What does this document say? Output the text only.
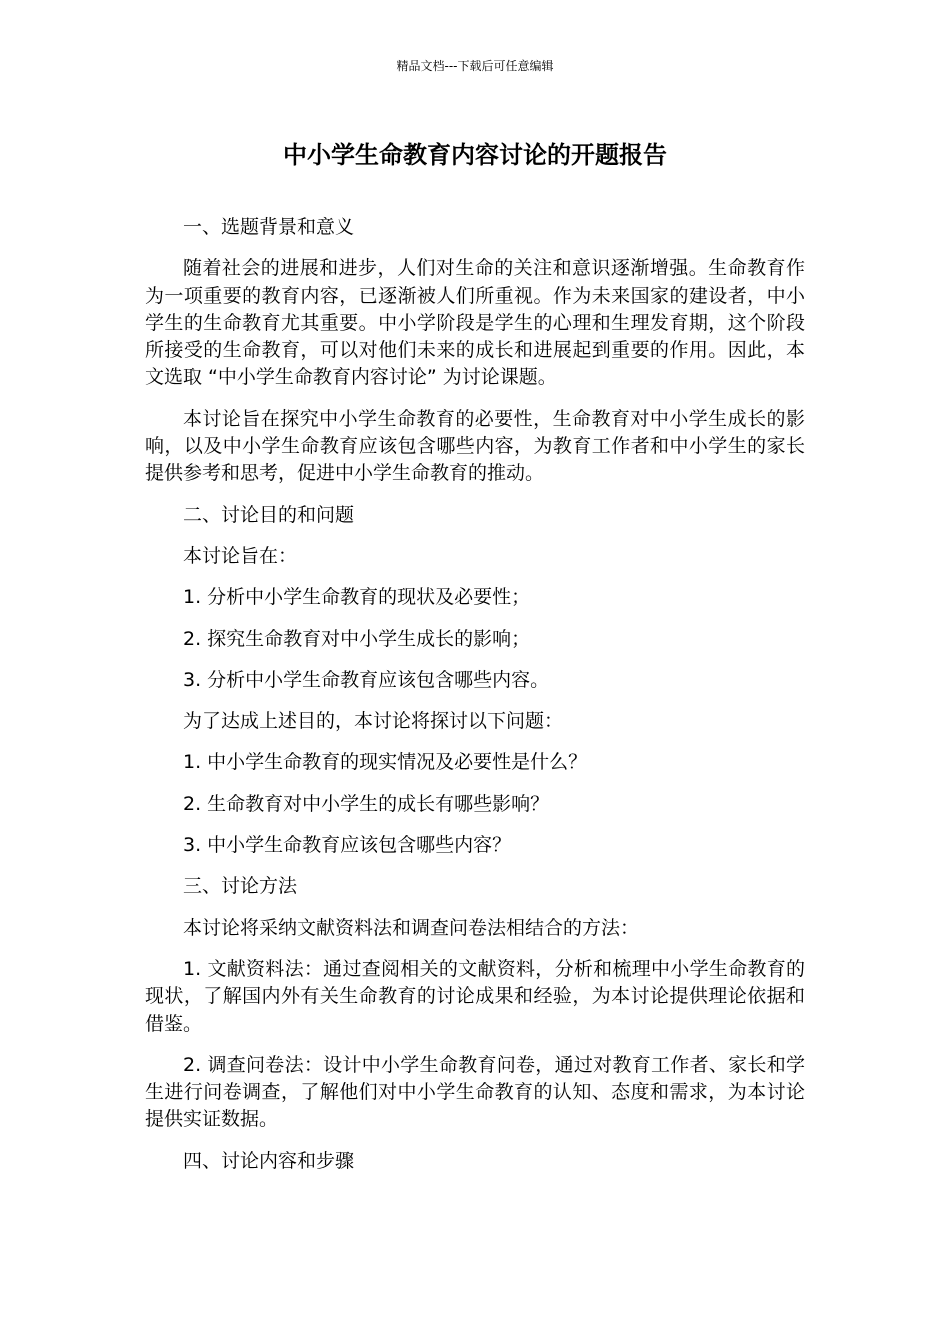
精品文档---下载后可任意编辑
中小学生命教育内容讨论的开题报告

一、选题背景和意义

随着社会的进展和进步，人们对生命的关注和意识逐渐增强。生命教育作为一项重要的教育内容，已逐渐被人们所重视。作为未来国家的建设者，中小学生的生命教育尤其重要。中小学阶段是学生的心理和生理发育期，这个阶段所接受的生命教育，可以对他们未来的成长和进展起到重要的作用。因此，本文选取 “中小学生命教育内容讨论” 为讨论课题。

本讨论旨在探究中小学生命教育的必要性，生命教育对中小学生成长的影响，以及中小学生命教育应该包含哪些内容，为教育工作者和中小学生的家长提供参考和思考，促进中小学生命教育的推动。

二、讨论目的和问题

本讨论旨在：

1. 分析中小学生命教育的现状及必要性；

2. 探究生命教育对中小学生成长的影响；

3. 分析中小学生命教育应该包含哪些内容。

为了达成上述目的，本讨论将探讨以下问题：

1. 中小学生命教育的现实情况及必要性是什么？

2. 生命教育对中小学生的成长有哪些影响？

3. 中小学生命教育应该包含哪些内容？

三、讨论方法

本讨论将采纳文献资料法和调查问卷法相结合的方法：

1. 文献资料法：通过查阅相关的文献资料，分析和梳理中小学生命教育的现状，了解国内外有关生命教育的讨论成果和经验，为本讨论提供理论依据和借鉴。

2. 调查问卷法：设计中小学生命教育问卷，通过对教育工作者、家长和学生进行问卷调查，了解他们对中小学生命教育的认知、态度和需求，为本讨论提供实证数据。

四、讨论内容和步骤
